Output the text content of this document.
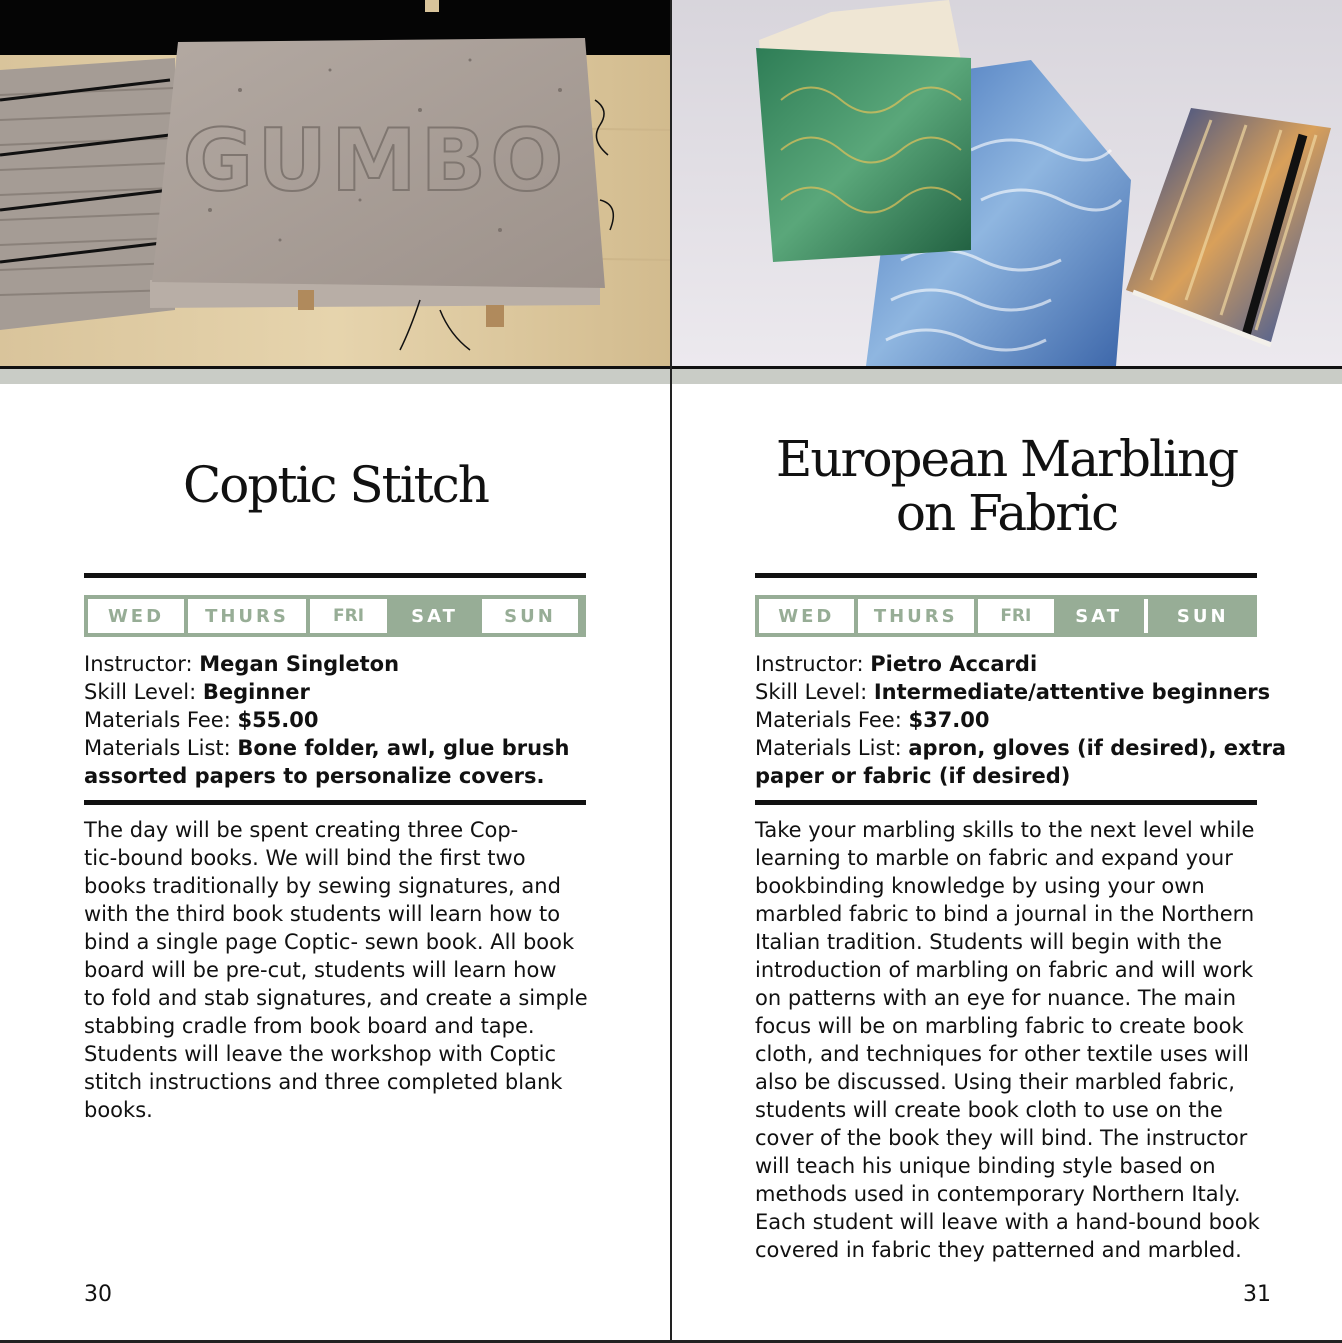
GUMBO
Coptic Stitch
WED	THURS	FRI	SAT	SUN
Instructor: Megan Singleton
Skill Level: Beginner
Materials Fee: $55.00
Materials List: Bone folder, awl, glue brush
assorted papers to personalize covers.
The day will be spent creating three Cop-
tic-bound books. We will bind the first two
books traditionally by sewing signatures, and
with the third book students will learn how to
bind a single page Coptic- sewn book. All book
board will be pre-cut, students will learn how
to fold and stab signatures, and create a simple
stabbing cradle from book board and tape.
Students will leave the workshop with Coptic
stitch instructions and three completed blank
books.
30
European Marbling
on Fabric
WED	THURS	FRI	SAT	SUN
Instructor: Pietro Accardi
Skill Level: Intermediate/attentive beginners
Materials Fee: $37.00
Materials List: apron, gloves (if desired), extra
paper or fabric (if desired)
Take your marbling skills to the next level while
learning to marble on fabric and expand your
bookbinding knowledge by using your own
marbled fabric to bind a journal in the Northern
Italian tradition. Students will begin with the
introduction of marbling on fabric and will work
on patterns with an eye for nuance. The main
focus will be on marbling fabric to create book
cloth, and techniques for other textile uses will
also be discussed. Using their marbled fabric,
students will create book cloth to use on the
cover of the book they will bind. The instructor
will teach his unique binding style based on
methods used in contemporary Northern Italy.
Each student will leave with a hand-bound book
covered in fabric they patterned and marbled.
31
